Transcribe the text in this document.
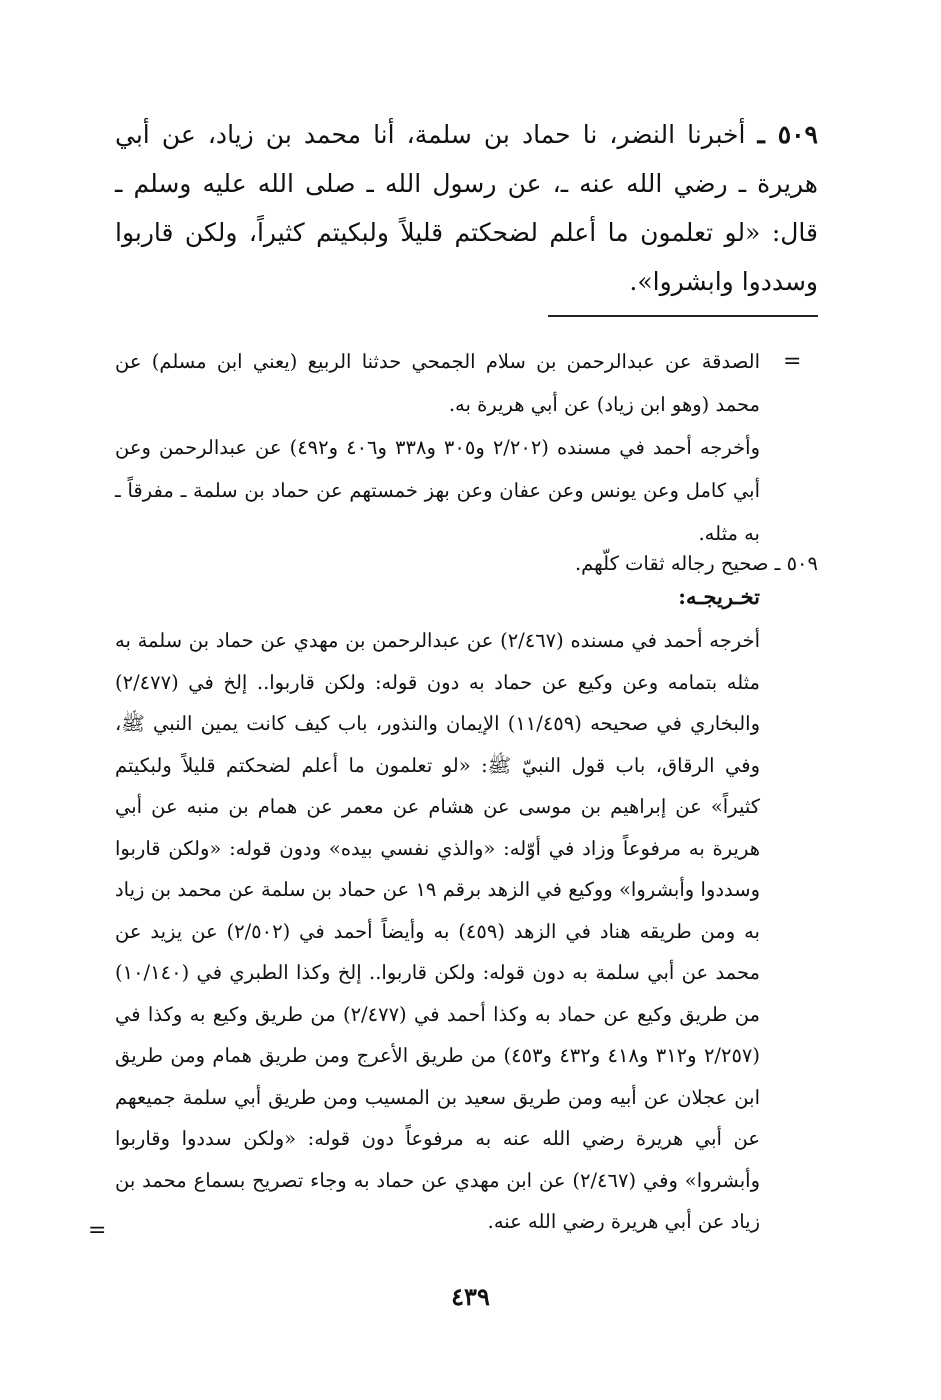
٥٠٩ ـ أخبرنا النضر، نا حماد بن سلمة، أنا محمد بن زياد، عن أبي هريرة ـ رضي الله عنه ـ، عن رسول الله ـ صلى الله عليه وسلم ـ قال: «لو تعلمون ما أعلم لضحكتم قليلاً ولبكيتم كثيراً، ولكن قاربوا وسددوا وابشروا».

=

الصدقة عن عبدالرحمن بن سلام الجمحي حدثنا الربيع (يعني ابن مسلم) عن محمد (وهو ابن زياد) عن أبي هريرة به.

وأخرجه أحمد في مسنده (٢/٢٠٢ و٣٠٥ و٣٣٨ و٤٠٦ و٤٩٢) عن عبدالرحمن وعن أبي كامل وعن يونس وعن عفان وعن بهز خمستهم عن حماد بن سلمة ـ مفرقاً ـ به مثله.

٥٠٩ ـ صحيح رجاله ثقات كلّهم.
تخـريجـه:

أخرجه أحمد في مسنده (٢/٤٦٧) عن عبدالرحمن بن مهدي عن حماد بن سلمة به مثله بتمامه وعن وكيع عن حماد به دون قوله: ولكن قاربوا.. إلخ في (٢/٤٧٧) والبخاري في صحيحه (١١/٤٥٩) الإيمان والنذور، باب كيف كانت يمين النبي ﷺ، وفي الرقاق، باب قول النبيّ ﷺ: «لو تعلمون ما أعلم لضحكتم قليلاً ولبكيتم كثيراً» عن إبراهيم بن موسى عن هشام عن معمر عن همام بن منبه عن أبي هريرة به مرفوعاً وزاد في أوّله: «والذي نفسي بيده» ودون قوله: «ولكن قاربوا وسددوا وأبشروا» ووكيع في الزهد برقم ١٩ عن حماد بن سلمة عن محمد بن زياد به ومن طريقه هناد في الزهد (٤٥٩) به وأيضاً أحمد في (٢/٥٠٢) عن يزيد عن محمد عن أبي سلمة به دون قوله: ولكن قاربوا.. إلخ وكذا الطبري في (١٠/١٤٠) من طريق وكيع عن حماد به وكذا أحمد في (٢/٤٧٧) من طريق وكيع به وكذا في (٢/٢٥٧ و٣١٢ و٤١٨ و٤٣٢ و٤٥٣) من طريق الأعرج ومن طريق همام ومن طريق ابن عجلان عن أبيه ومن طريق سعيد بن المسيب ومن طريق أبي سلمة جميعهم عن أبي هريرة رضي الله عنه به مرفوعاً دون قوله: «ولكن سددوا وقاربوا وأبشروا» وفي (٢/٤٦٧) عن ابن مهدي عن حماد به وجاء تصريح بسماع محمد بن زياد عن أبي هريرة رضي الله عنه.

=
٤٣٩
